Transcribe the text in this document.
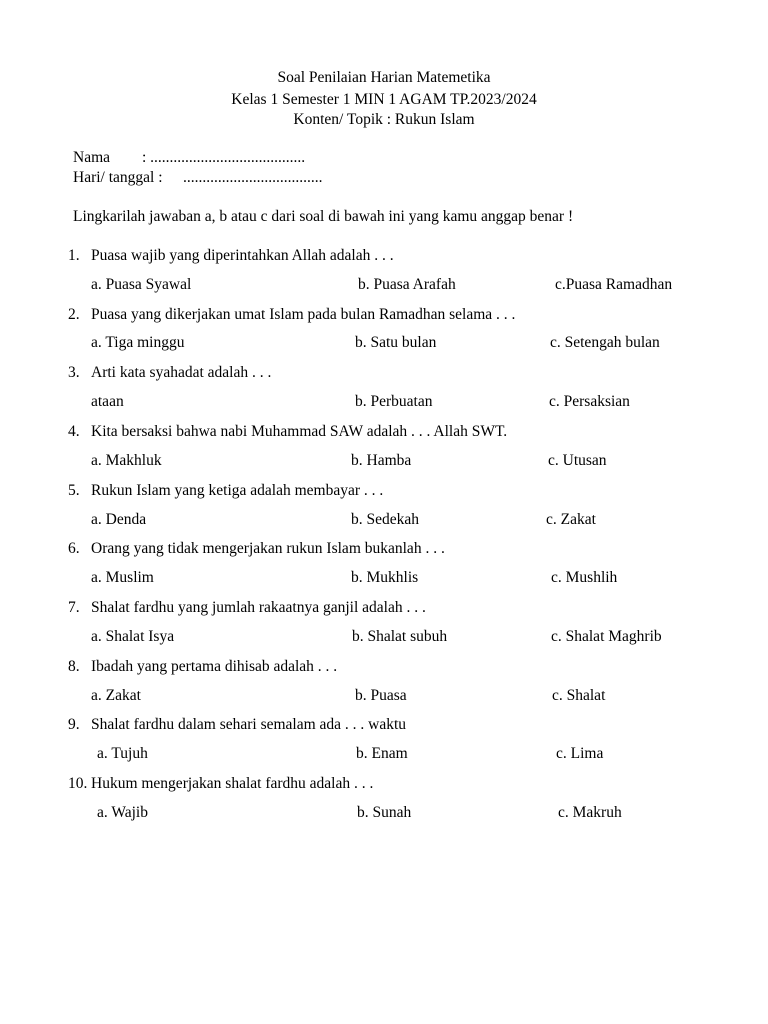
Soal Penilaian Harian Matemetika
Kelas 1 Semester 1 MIN 1 AGAM TP.2023/2024
Konten/ Topik : Rukun Islam
Nama : ........................................
Hari/ tanggal : ....................................
Lingkarilah jawaban a, b atau c dari soal di bawah ini yang kamu anggap benar !
1. Puasa wajib yang diperintahkan Allah adalah . . .
a. Puasa Syawal	b. Puasa Arafah	c.Puasa Ramadhan
2. Puasa yang dikerjakan umat Islam pada bulan Ramadhan selama . . .
a. Tiga minggu	b. Satu bulan	c. Setengah bulan
3. Arti kata syahadat adalah . . .
ataan	b. Perbuatan	c. Persaksian
4. Kita bersaksi bahwa nabi Muhammad SAW adalah . . . Allah SWT.
a. Makhluk	b. Hamba	c. Utusan
5. Rukun Islam yang ketiga adalah membayar . . .
a. Denda	b. Sedekah	c. Zakat
6. Orang yang tidak mengerjakan rukun Islam bukanlah . . .
a. Muslim	b. Mukhlis	c. Mushlih
7. Shalat fardhu yang jumlah rakaatnya ganjil adalah . . .
a. Shalat Isya	b. Shalat subuh	c. Shalat Maghrib
8. Ibadah yang pertama dihisab adalah . . .
a. Zakat	b. Puasa	c. Shalat
9. Shalat fardhu dalam sehari semalam ada . . . waktu
a. Tujuh	b. Enam	c. Lima
10. Hukum mengerjakan shalat fardhu adalah . . .
a. Wajib	b. Sunah	c. Makruh
